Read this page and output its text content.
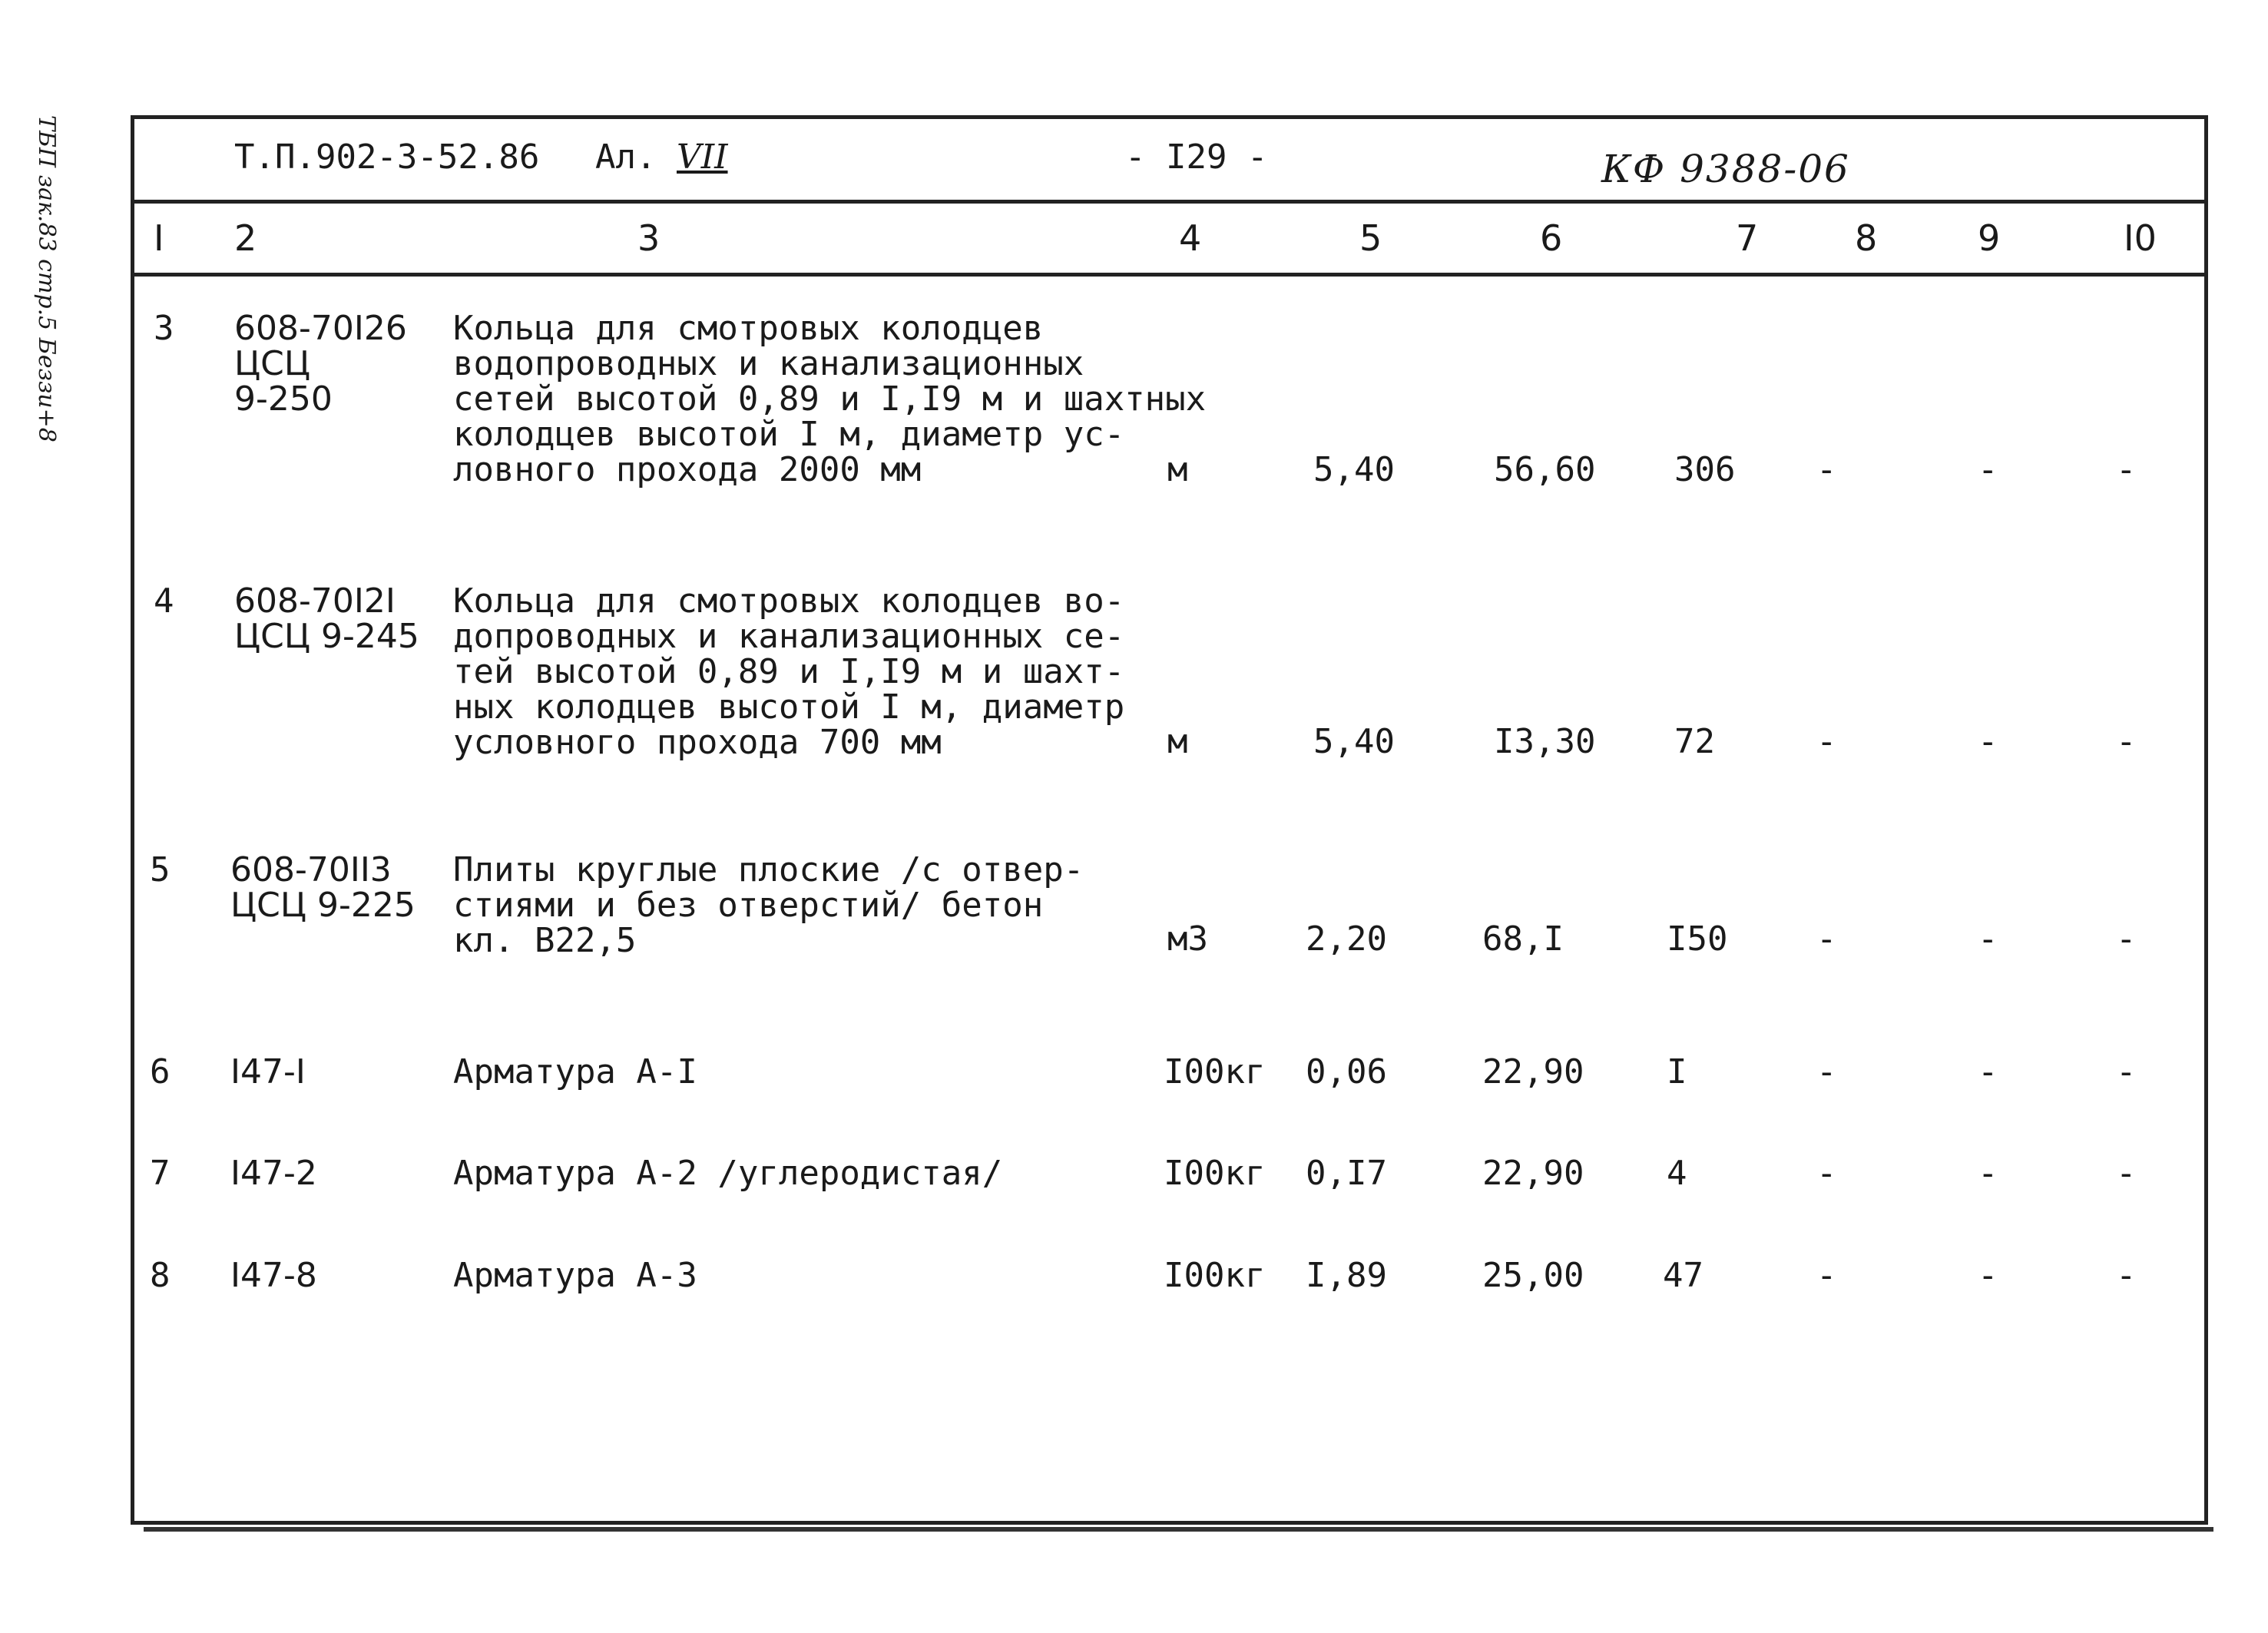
ТБП зак.83 стр.5 Беззи+8	Т.П.902-3-52.86 Ал. VII	- I29 -	КФ 9388-06
I 2	3	4	5	6	7	8	9	I0
3 608-70I26
ЦСЦ
9-250
Кольца для смотровых колодцев
водопроводных и канализационных
сетей высотой 0,89 и I,I9 м и шахтных
колодцев высотой I м, диаметр ус-
ловного прохода 2000 мм	м	5,40	56,60 306 -	-	-
4 608-70I2I
ЦСЦ 9-245
Кольца для смотровых колодцев во-
допроводных и канализационных се-
тей высотой 0,89 и I,I9 м и шахт-
ных колодцев высотой I м, диаметр
условного прохода 700 мм	м	5,40	I3,30 72	-	-	-
5 608-70II3
ЦСЦ 9-225
Плиты круглые плоские /с отвер-
стиями и без отверстий/ бетон
кл. В22,5	м3	2,20	68,I	I50	-	-	-
6 I47-I	Арматура А-I	I00кг 0,06	22,90 I	-	-	-
7 I47-2	Арматура А-2 /углеродистая/	I00кг 0,I7	22,90 4	-	-	-
8 I47-8	Арматура А-3	I00кг I,89	25,00 47	-	-	-
